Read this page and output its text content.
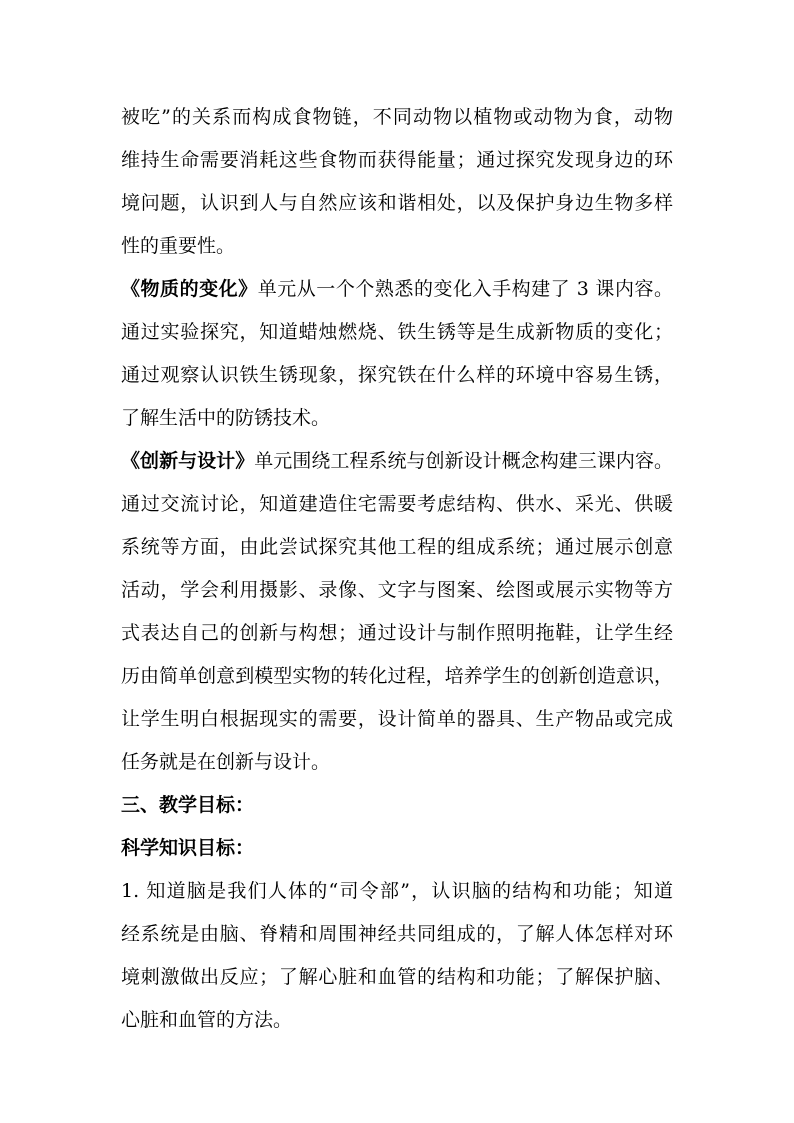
被吃”的关系而构成食物链，不同动物以植物或动物为食，动物
维持生命需要消耗这些食物而获得能量；通过探究发现身边的环
境问题，认识到人与自然应该和谐相处，以及保护身边生物多样
性的重要性。
《物质的变化》单元从一个个熟悉的变化入手构建了 3 课内容。
通过实验探究，知道蜡烛燃烧、铁生锈等是生成新物质的变化；
通过观察认识铁生锈现象，探究铁在什么样的环境中容易生锈，
了解生活中的防锈技术。
《创新与设计》单元围绕工程系统与创新设计概念构建三课内容。
通过交流讨论，知道建造住宅需要考虑结构、供水、采光、供暖
系统等方面，由此尝试探究其他工程的组成系统；通过展示创意
活动，学会利用摄影、录像、文字与图案、绘图或展示实物等方
式表达自己的创新与构想；通过设计与制作照明拖鞋，让学生经
历由简单创意到模型实物的转化过程，培养学生的创新创造意识，
让学生明白根据现实的需要，设计简单的器具、生产物品或完成
任务就是在创新与设计。
三、教学目标：
科学知识目标：
1. 知道脑是我们人体的“司令部”，认识脑的结构和功能；知道
经系统是由脑、脊精和周围神经共同组成的，了解人体怎样对环
境刺激做出反应；了解心脏和血管的结构和功能；了解保护脑、
心脏和血管的方法。
